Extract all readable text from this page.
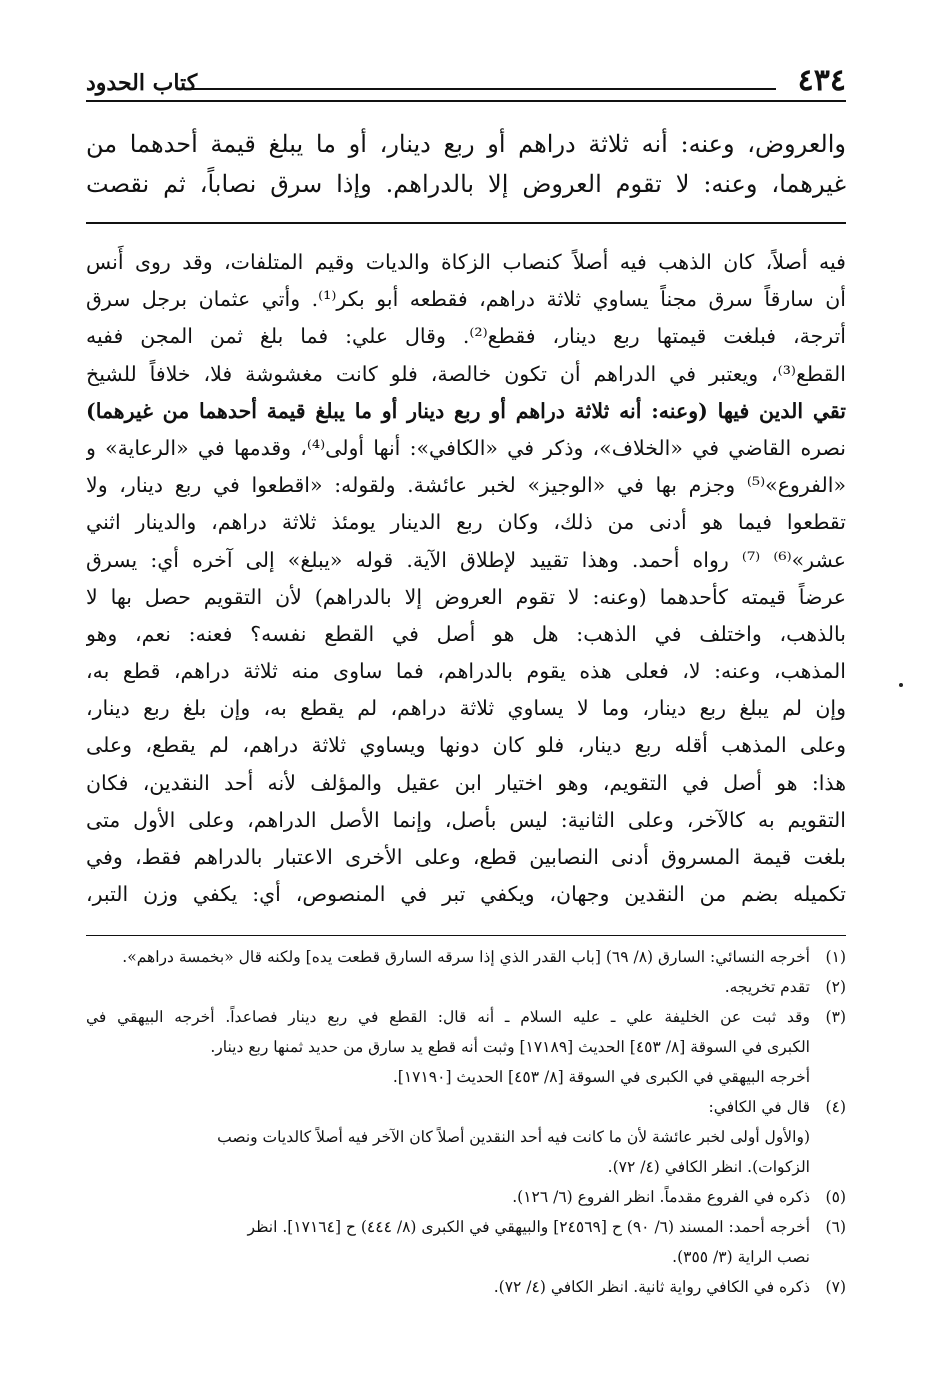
٤٣٤
كتاب الحدود
والعروض، وعنه: أنه ثلاثة دراهم أو ربع دينار، أو ما يبلغ قيمة أحدهما من
غيرهما، وعنه: لا تقوم العروض إلا بالدراهم. وإذا سرق نصاباً، ثم نقصت
فيه أصلاً، كان الذهب فيه أصلاً كنصاب الزكاة والديات وقيم المتلفات، وقد روى أَنس
أن سارقاً سرق مجناً يساوي ثلاثة دراهم، فقطعه أبو بكر⁽¹⁾. وأتي عثمان برجل سرق
أترجة، فبلغت قيمتها ربع دينار، فقطع⁽²⁾. وقال علي: فما بلغ ثمن المجن ففيه
القطع⁽³⁾، ويعتبر في الدراهم أن تكون خالصة، فلو كانت مغشوشة فلا، خلافاً للشيخ
تقي الدين فيها (وعنه: أنه ثلاثة دراهم أو ربع دينار أو ما يبلغ قيمة أحدهما من غيرهما)
نصره القاضي في «الخلاف»، وذكر في «الكافي»: أنها أولى⁽⁴⁾، وقدمها في «الرعاية» و
«الفروع»⁽⁵⁾ وجزم بها في «الوجيز» لخبر عائشة. ولقوله: «اقطعوا في ربع دينار، ولا
تقطعوا فيما هو أدنى من ذلك، وكان ربع الدينار يومئذ ثلاثة دراهم، والدينار اثني
عشر»⁽⁶⁾ ⁽⁷⁾ رواه أحمد. وهذا تقييد لإطلاق الآية. قوله «يبلغ» إلى آخره أي: يسرق
عرضاً قيمته كأحدهما (وعنه: لا تقوم العروض إلا بالدراهم) لأن التقويم حصل بها لا
بالذهب، واختلف في الذهب: هل هو أصل في القطع نفسه؟ فعنه: نعم، وهو
المذهب، وعنه: لا، فعلى هذه يقوم بالدراهم، فما ساوى منه ثلاثة دراهم، قطع به،
وإن لم يبلغ ربع دينار، وما لا يساوي ثلاثة دراهم، لم يقطع به، وإن بلغ ربع دينار،
وعلى المذهب أقله ربع دينار، فلو كان دونها ويساوي ثلاثة دراهم، لم يقطع، وعلى
هذا: هو أصل في التقويم، وهو اختيار ابن عقيل والمؤلف لأنه أحد النقدين، فكان
التقويم به كالآخر، وعلى الثانية: ليس بأصل، وإنما الأصل الدراهم، وعلى الأول متى
بلغت قيمة المسروق أدنى النصابين قطع، وعلى الأخرى الاعتبار بالدراهم فقط، وفي
تكميله بضم من النقدين وجهان، ويكفي تبر في المنصوص، أي: يكفي وزن التبر،
(١)أخرجه النسائي: السارق (٨/ ٦٩) [باب القدر الذي إذا سرقه السارق قطعت يده] ولكنه قال «بخمسة دراهم».
(٢)تقدم تخريجه.
(٣)وقد ثبت عن الخليفة علي ـ عليه السلام ـ أنه قال: القطع في ربع دينار فصاعداً. أخرجه البيهقي في
الكبرى في السوقة [٨/ ٤٥٣] الحديث [١٧١٨٩] وثبت أنه قطع يد سارق من حديد ثمنها ربع دينار.
أخرجه البيهقي في الكبرى في السوقة [٨/ ٤٥٣] الحديث [١٧١٩٠].
(٤)قال في الكافي:
(والأول أولى لخبر عائشة لأن ما كانت فيه أحد النقدين أصلاً كان الآخر فيه أصلاً كالديات ونصب
الزكوات). انظر الكافي (٤/ ٧٢).
(٥)ذكره في الفروع مقدماً. انظر الفروع (٦/ ١٢٦).
(٦)أخرجه أحمد: المسند (٦/ ٩٠) ح [٢٤٥٦٩] والبيهقي في الكبرى (٨/ ٤٤٤) ح [١٧١٦٤]. انظر
نصب الراية (٣/ ٣٥٥).
(٧)ذكره في الكافي رواية ثانية. انظر الكافي (٤/ ٧٢).
